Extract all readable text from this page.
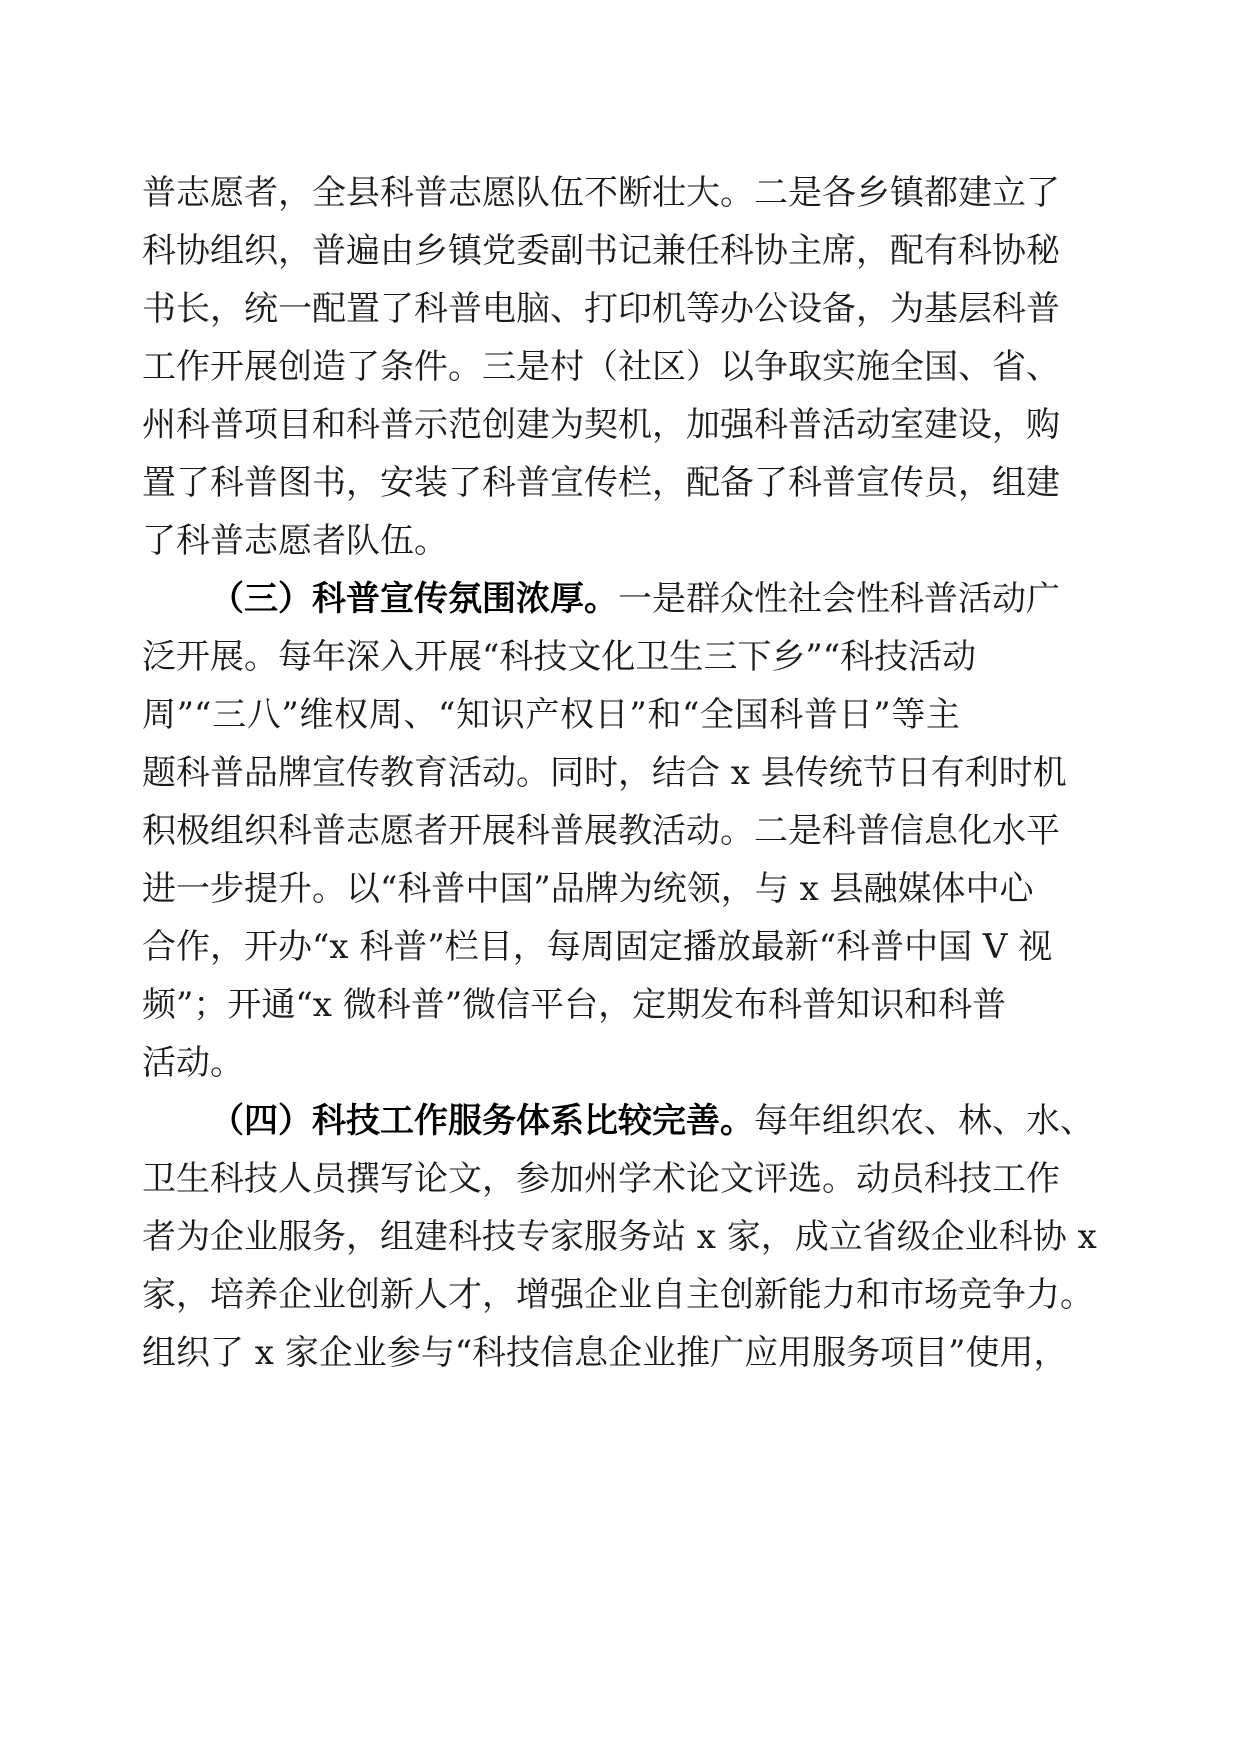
普志愿者，全县科普志愿队伍不断壮大。二是各乡镇都建立了
科协组织，普遍由乡镇党委副书记兼任科协主席，配有科协秘
书长，统一配置了科普电脑、打印机等办公设备，为基层科普
工作开展创造了条件。三是村（社区）以争取实施全国、省、
州科普项目和科普示范创建为契机，加强科普活动室建设，购
置了科普图书，安装了科普宣传栏，配备了科普宣传员，组建
了科普志愿者队伍。
（三）科普宣传氛围浓厚。一是群众性社会性科普活动广
泛开展。每年深入开展“科技文化卫生三下乡”“科技活动
周”“三八”维权周、“知识产权日”和“全国科普日”等主
题科普品牌宣传教育活动。同时，结合 x 县传统节日有利时机
积极组织科普志愿者开展科普展教活动。二是科普信息化水平
进一步提升。以“科普中国”品牌为统领，与 x 县融媒体中心
合作，开办“x 科普”栏目，每周固定播放最新“科普中国 V 视
频”；开通“x 微科普”微信平台，定期发布科普知识和科普
活动。
（四）科技工作服务体系比较完善。每年组织农、林、水、
卫生科技人员撰写论文，参加州学术论文评选。动员科技工作
者为企业服务，组建科技专家服务站 x 家，成立省级企业科协 x
家，培养企业创新人才，增强企业自主创新能力和市场竞争力。
组织了 x 家企业参与“科技信息企业推广应用服务项目”使用，
